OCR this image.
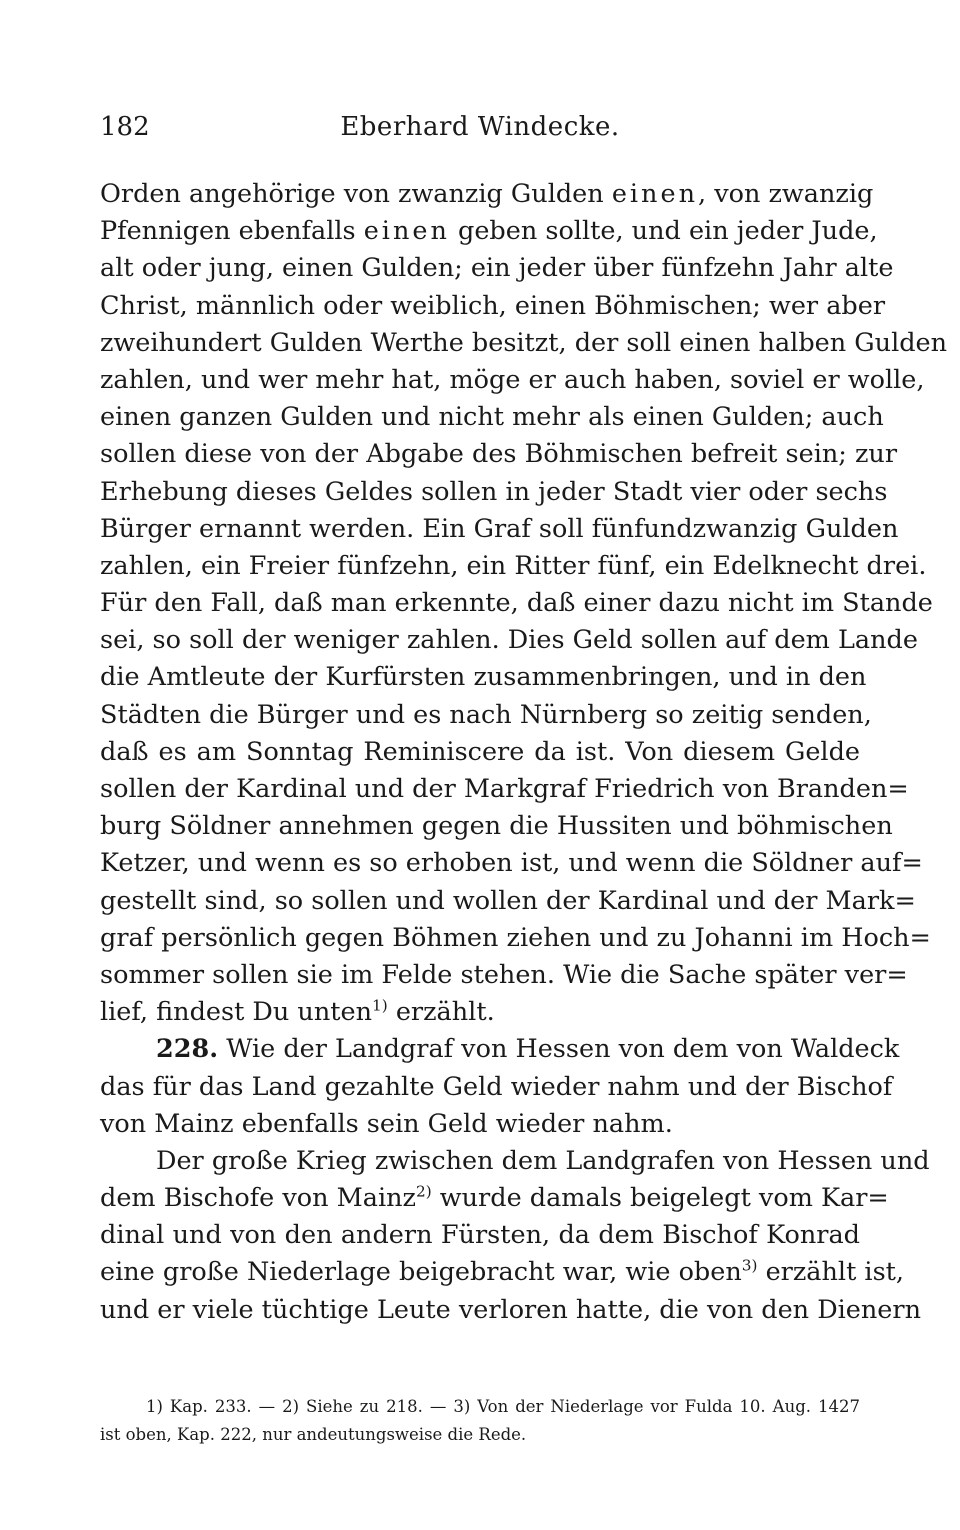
182	Eberhard Windecke.
Orden angehörige von zwanzig Gulden einen, von zwanzig
Pfennigen ebenfalls einen geben sollte, und ein jeder Jude,
alt oder jung, einen Gulden; ein jeder über fünfzehn Jahr alte
Christ, männlich oder weiblich, einen Böhmischen; wer aber
zweihundert Gulden Werthe besitzt, der soll einen halben Gulden
zahlen, und wer mehr hat, möge er auch haben, soviel er wolle,
einen ganzen Gulden und nicht mehr als einen Gulden; auch
sollen diese von der Abgabe des Böhmischen befreit sein; zur
Erhebung dieses Geldes sollen in jeder Stadt vier oder sechs
Bürger ernannt werden. Ein Graf soll fünfundzwanzig Gulden
zahlen, ein Freier fünfzehn, ein Ritter fünf, ein Edelknecht drei.
Für den Fall, daß man erkennte, daß einer dazu nicht im Stande
sei, so soll der weniger zahlen. Dies Geld sollen auf dem Lande
die Amtleute der Kurfürsten zusammenbringen, und in den
Städten die Bürger und es nach Nürnberg so zeitig senden,
daß es am Sonntag Reminiscere da ist. Von diesem Gelde
sollen der Kardinal und der Markgraf Friedrich von Branden=
burg Söldner annehmen gegen die Hussiten und böhmischen
Ketzer, und wenn es so erhoben ist, und wenn die Söldner auf=
gestellt sind, so sollen und wollen der Kardinal und der Mark=
graf persönlich gegen Böhmen ziehen und zu Johanni im Hoch=
sommer sollen sie im Felde stehen. Wie die Sache später ver=
lief, findest Du unten$^{1)}$ erzählt.
228. Wie der Landgraf von Hessen von dem von Waldeck
das für das Land gezahlte Geld wieder nahm und der Bischof
von Mainz ebenfalls sein Geld wieder nahm.
Der große Krieg zwischen dem Landgrafen von Hessen und
dem Bischofe von Mainz$^{2)}$ wurde damals beigelegt vom Kar=
dinal und von den andern Fürsten, da dem Bischof Konrad
eine große Niederlage beigebracht war, wie oben$^{3)}$ erzählt ist,
und er viele tüchtige Leute verloren hatte, die von den Dienern
1) Kap. 233. — 2) Siehe zu 218. — 3) Von der Niederlage vor Fulda 10. Aug. 1427
ist oben, Kap. 222, nur andeutungsweise die Rede.
